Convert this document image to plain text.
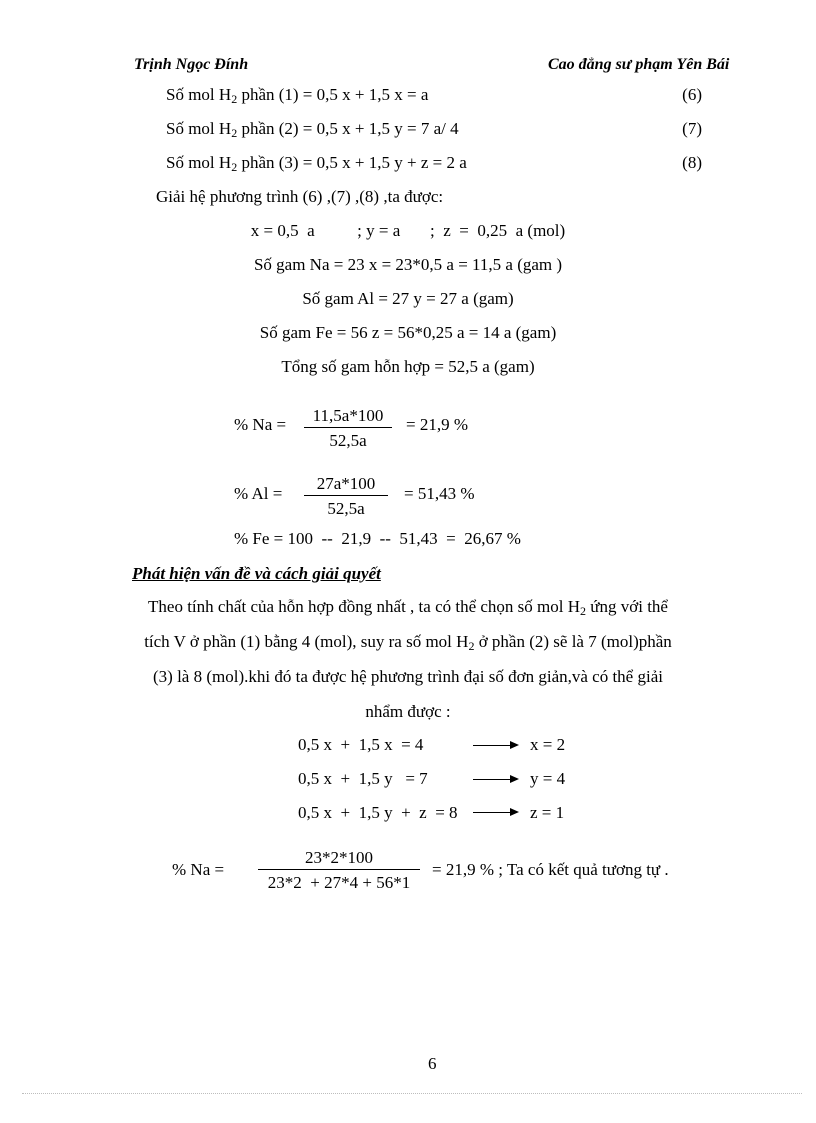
Trịnh Ngọc Đính	Cao đẳng sư phạm Yên Bái
Số mol $H_2$ phần (1) = 0,5 x + 1,5 x = a	(6)
Số mol $H_2$ phần (2) = 0,5 x + 1,5 y = 7 a/ 4	(7)
Số mol $H_2$ phần (3) = 0,5 x + 1,5 y + z = 2 a	(8)
Giải hệ phương trình (6) ,(7) ,(8) ,ta được:
x = 0,5  a          ; y = a       ;  z  =  0,25  a (mol)
Số gam Na = 23 x = 23*0,5 a = 11,5 a (gam )
Số gam Al = 27 y = 27 a (gam)
Số gam Fe = 56 z = 56*0,25 a = 14 a (gam)
Tổng số gam hỗn hợp = 52,5 a (gam)
% $Na = \frac{11,5a*100}{52,5a} = 21,9$ %
% $Al = \frac{27a*100}{52,5a} = 51,43$ %
% Fe = 100  --  21,9  --  51,43  =  26,67 %
Phát hiện vấn đề và cách giải quyết
Theo tính chất của hỗn hợp đồng nhất , ta có thể chọn số mol $H_2$ ứng với thể
tích V ở phần (1) bằng 4 (mol), suy ra số mol $H_2$ ở phần (2) sẽ là 7 (mol)phần
(3) là 8 (mol).khi đó ta được hệ phương trình đại số đơn giản,và có thể giải
nhẩm được :
0,5 x  +  1,5 x  = 4	x = 2
0,5 x  +  1,5 y   = 7	y = 4
0,5 x  +  1,5 y  +  z  = 8	z = 1
% $Na = \frac{23*2*100}{23*2 + 27*4 + 56*1} = 21,9$ % ; Ta có kết quả tương tự .
6
